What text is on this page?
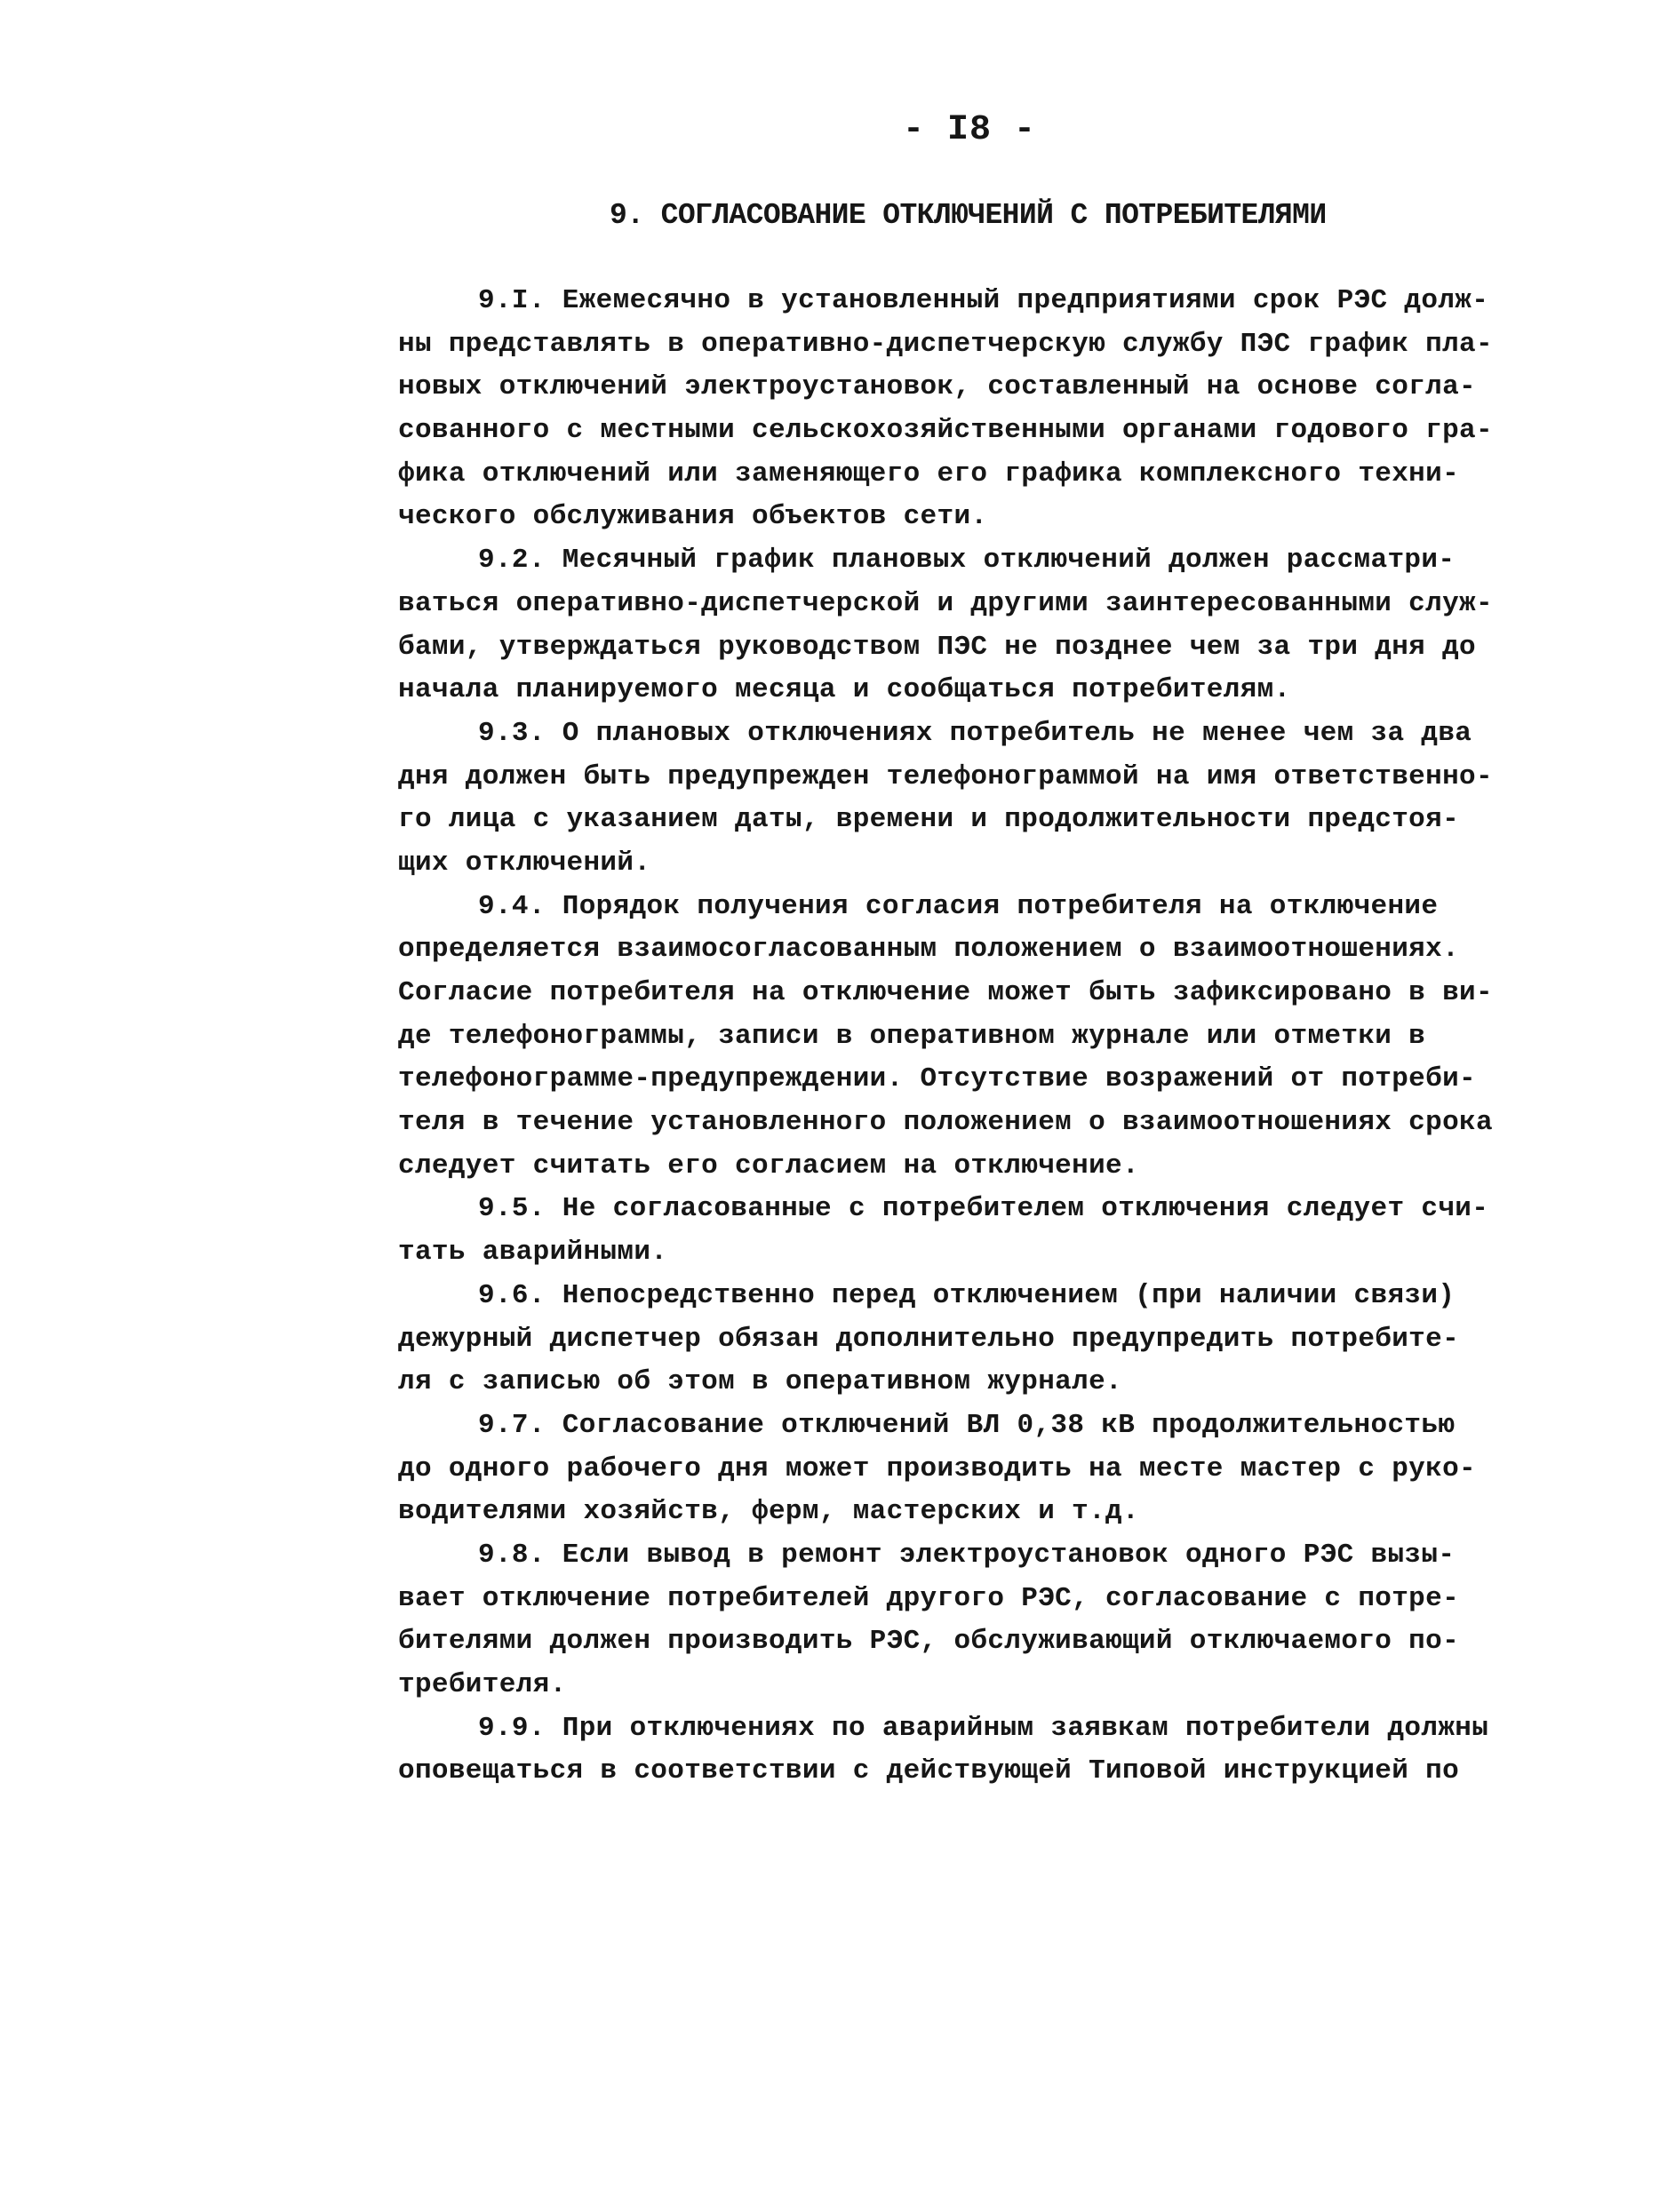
- I8 -
9. СОГЛАСОВАНИЕ ОТКЛЮЧЕНИЙ С ПОТРЕБИТЕЛЯМИ
9.I. Ежемесячно в установленный предприятиями срок РЭС долж-
ны представлять в оперативно-диспетчерскую службу ПЭС график пла-
новых отключений электроустановок, составленный на основе согла-
сованного с местными сельскохозяйственными органами годового гра-
фика отключений или заменяющего его графика комплексного техни-
ческого обслуживания объектов сети.
9.2. Месячный график плановых отключений должен рассматри-
ваться оперативно-диспетчерской и другими заинтересованными служ-
бами, утверждаться руководством ПЭС не позднее чем за три дня до
начала планируемого месяца и сообщаться потребителям.
9.3. О плановых отключениях потребитель не менее чем за два
дня должен быть предупрежден телефонограммой на имя ответственно-
го лица с указанием даты, времени и продолжительности предстоя-
щих отключений.
9.4. Порядок получения согласия потребителя на отключение
определяется взаимосогласованным положением о взаимоотношениях.
Согласие потребителя на отключение может быть зафиксировано в ви-
де телефонограммы, записи в оперативном журнале или отметки в
телефонограмме-предупреждении. Отсутствие возражений от потреби-
теля в течение установленного положением о взаимоотношениях срока
следует считать его согласием на отключение.
9.5. Не согласованные с потребителем отключения следует счи-
тать аварийными.
9.6. Непосредственно перед отключением (при наличии связи)
дежурный диспетчер обязан дополнительно предупредить потребите-
ля с записью об этом в оперативном журнале.
9.7. Согласование отключений ВЛ 0,38 кВ продолжительностью
до одного рабочего дня может производить на месте мастер с руко-
водителями хозяйств, ферм, мастерских и т.д.
9.8. Если вывод в ремонт электроустановок одного РЭС вызы-
вает отключение потребителей другого РЭС, согласование с потре-
бителями должен производить РЭС, обслуживающий отключаемого по-
требителя.
9.9. При отключениях по аварийным заявкам потребители должны
оповещаться в соответствии с действующей Типовой инструкцией по
